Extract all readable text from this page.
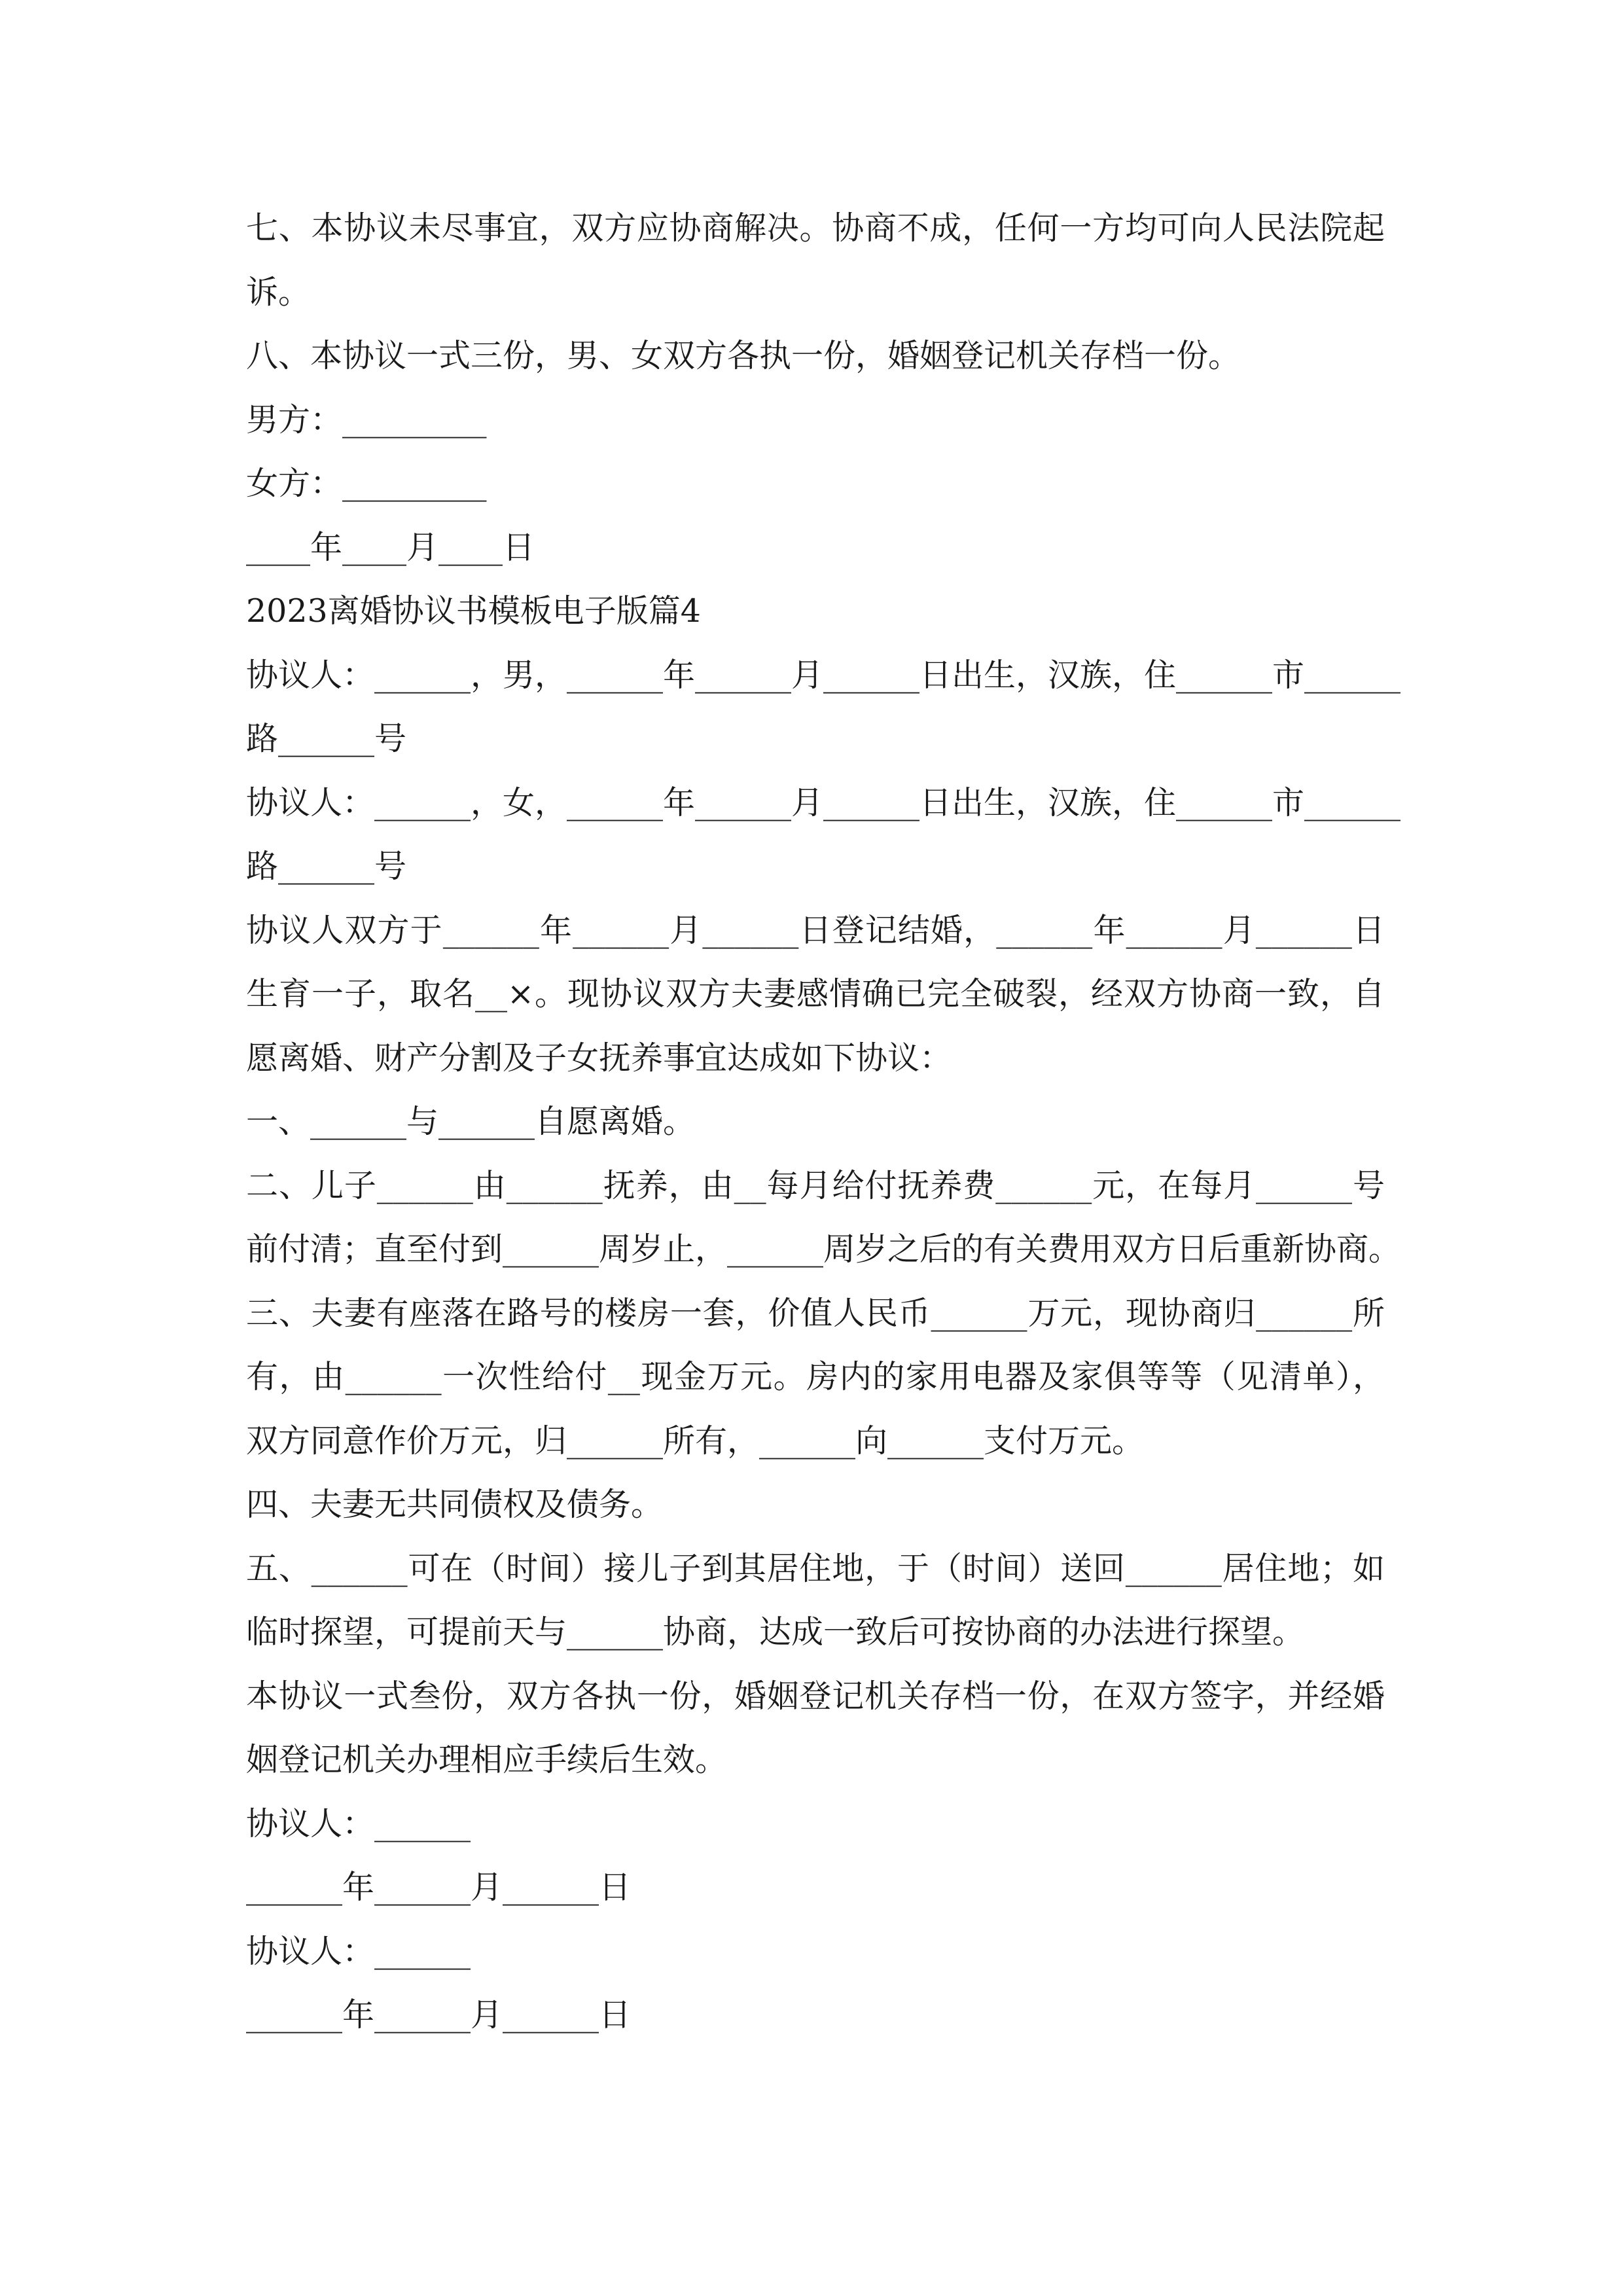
七、本协议未尽事宜，双方应协商解决。协商不成，任何一方均可向人民法院起
诉。
八、本协议一式三份，男、女双方各执一份，婚姻登记机关存档一份。
男方：_________
女方：_________
____年____月____日
2023离婚协议书模板电子版篇4
协议人：______，男，______年______月______日出生，汉族，住______市______
路______号
协议人：______，女，______年______月______日出生，汉族，住______市______
路______号
协议人双方于______年______月______日登记结婚，______年______月______日
生育一子，取名__×。现协议双方夫妻感情确已完全破裂，经双方协商一致，自
愿离婚、财产分割及子女抚养事宜达成如下协议：
一、______与______自愿离婚。
二、儿子______由______抚养，由__每月给付抚养费______元，在每月______号
前付清；直至付到______周岁止，______周岁之后的有关费用双方日后重新协商。
三、夫妻有座落在路号的楼房一套，价值人民币______万元，现协商归______所
有，由______一次性给付__现金万元。房内的家用电器及家俱等等（见清单），
双方同意作价万元，归______所有，______向______支付万元。
四、夫妻无共同债权及债务。
五、______可在（时间）接儿子到其居住地，于（时间）送回______居住地；如
临时探望，可提前天与______协商，达成一致后可按协商的办法进行探望。
本协议一式叁份，双方各执一份，婚姻登记机关存档一份，在双方签字，并经婚
姻登记机关办理相应手续后生效。
协议人：______
______年______月______日
协议人：______
______年______月______日
